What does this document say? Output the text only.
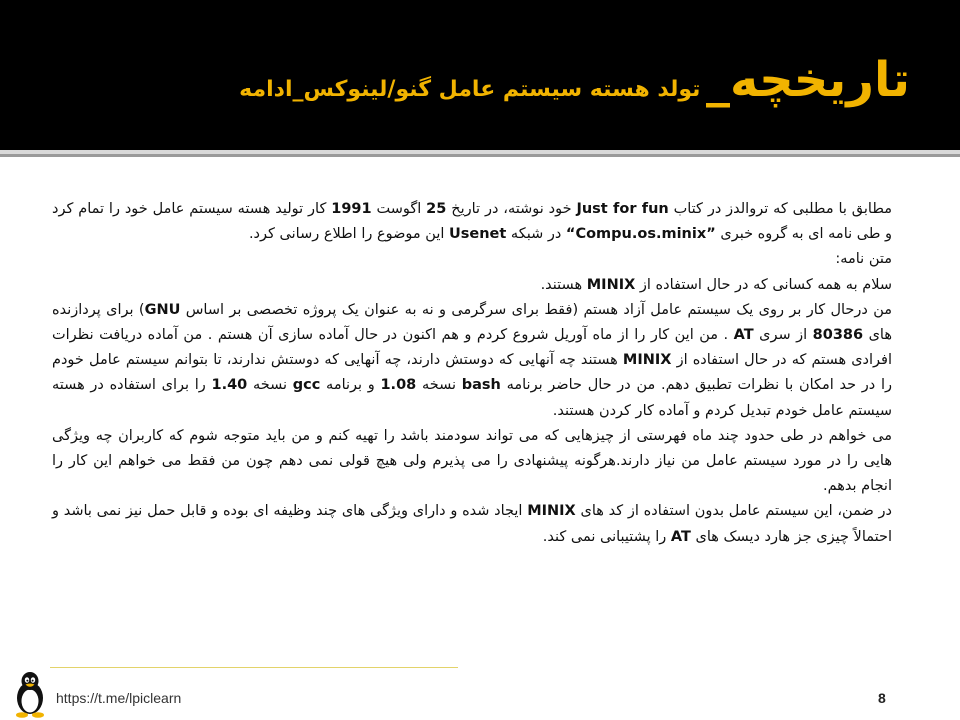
تاریخچه_ تولد هسته سیستم عامل گنو/لینوکس_ادامه

مطابق با مطلبی که تروالدز در کتاب Just for fun خود نوشته، در تاریخ 25 اگوست 1991 کار تولید هسته سیستم عامل خود را تمام کرد و طی نامه ای به گروه خبری ”Compu.os.minix“ در شبکه Usenet این موضوع را اطلاع رسانی کرد.

متن نامه:

سلام به همه کسانی که در حال استفاده از MINIX هستند.

من درحال کار بر روی یک سیستم عامل آزاد هستم (فقط برای سرگرمی و نه به عنوان یک پروژه تخصصی بر اساس GNU) برای پردازنده های 80386 از سری AT . من این کار را از ماه آوریل شروع کردم و هم اکنون در حال آماده سازی آن هستم . من آماده دریافت نظرات افرادی هستم که در حال استفاده از MINIX هستند چه آنهایی که دوستش دارند، چه آنهایی که دوستش ندارند، تا بتوانم سیستم عامل خودم را در حد امکان با نظرات تطبیق دهم. من در حال حاضر برنامه bash نسخه 1.08 و برنامه gcc نسخه 1.40 را برای استفاده در هسته سیستم عامل خودم تبدیل کردم و آماده کار کردن هستند.

می خواهم در طی حدود چند ماه فهرستی از چیزهایی که می تواند سودمند باشد را تهیه کنم و من باید متوجه شوم که کاربران چه ویژگی هایی را در مورد سیستم عامل من نیاز دارند.هرگونه پیشنهادی را می پذیرم ولی هیچ قولی نمی دهم چون من فقط می خواهم این کار را انجام بدهم.

در ضمن، این سیستم عامل بدون استفاده از کد های MINIX ایجاد شده و دارای ویژگی های چند وظیفه ای بوده و قابل حمل نیز نمی باشد و احتمالاً چیزی جز هارد دیسک های AT را پشتیبانی نمی کند.

https://t.me/lpiclearn	8
